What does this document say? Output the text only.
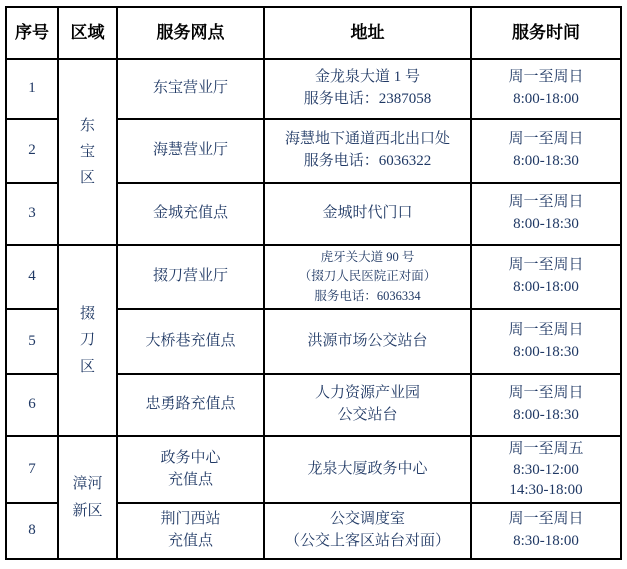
序号	区域	服务网点	地址	服务时间
1	东
宝
区	东宝营业厅	金龙泉大道 1 号
服务电话：2387058	周一至周日
8:00-18:00

2		海慧营业厅	海慧地下通道西北出口处
服务电话：6036322	周一至周日
8:00-18:30

3		金城充值点	金城时代门口	周一至周日
8:00-18:30

4	掇
刀
区	掇刀营业厅	虎牙关大道 90 号
（掇刀人民医院正对面）
服务电话：6036334	周一至周日
8:00-18:00

5		大桥巷充值点	洪源市场公交站台	周一至周日
8:00-18:30

6		忠勇路充值点	人力资源产业园
公交站台	周一至周日
8:00-18:30

7	漳河
新区	政务中心
充值点	龙泉大厦政务中心	周一至周五
8:30-12:00
14:30-18:00

8		荆门西站
充值点	公交调度室
（公交上客区站台对面）	周一至周日
8:30-18:00
